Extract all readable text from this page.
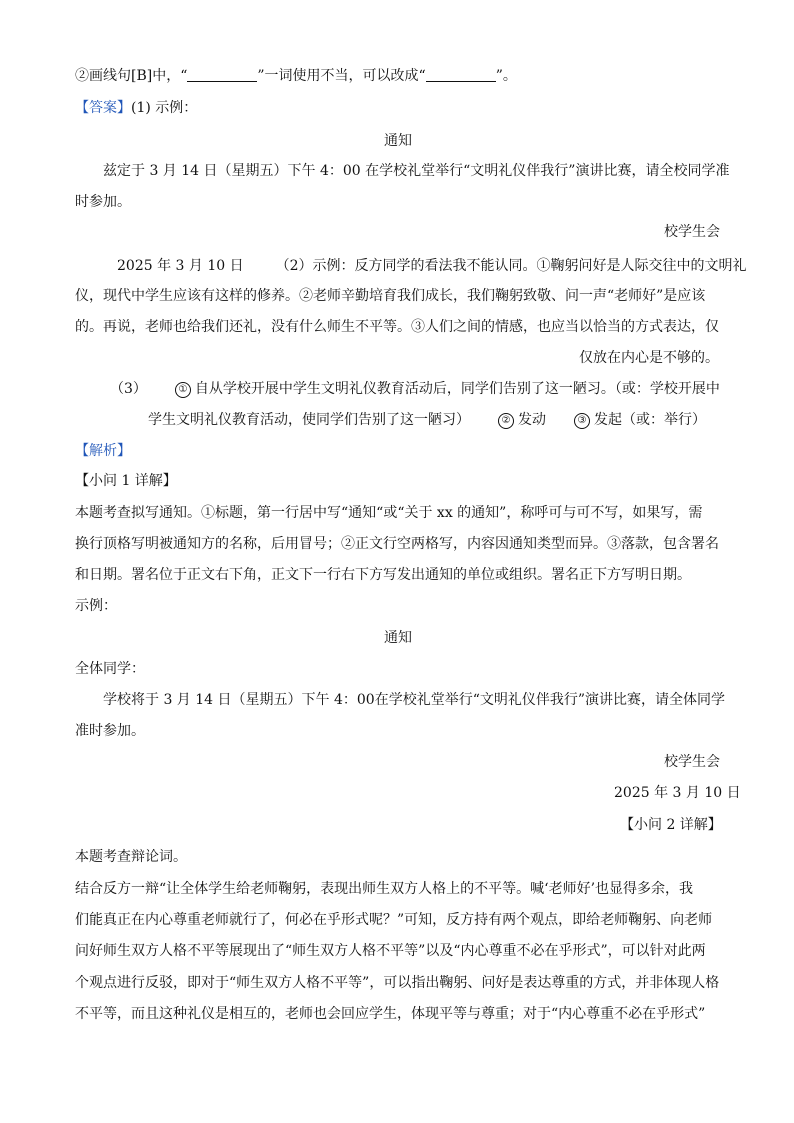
②画线句[B]中，“	”一词使用不当，可以改成“	”。
【答案】(1) 示例：
通知
兹定于 3 月 14 日（星期五）下午 4：00 在学校礼堂举行“文明礼仪伴我行”演讲比赛，请全校同学准
时参加。
校学生会
2025 年 3 月 10 日 （2）示例：反方同学的看法我不能认同。①鞠躬问好是人际交往中的文明礼
仪，现代中学生应该有这样的修养。②老师辛勤培育我们成长，我们鞠躬致敬、问一声“老师好”是应该
的。再说，老师也给我们还礼，没有什么师生不平等。③人们之间的情感，也应当以恰当的方式表达，仅
仅放在内心是不够的。
（3）	① 自从学校开展中学生文明礼仪教育活动后，同学们告别了这一陋习。（或：学校开展中
学生文明礼仪教育活动，使同学们告别了这一陋习）	② 发动	③ 发起（或：举行）
【解析】
【小问 1 详解】
本题考查拟写通知。①标题，第一行居中写“通知“或“关于 xx 的通知”，称呼可与可不写，如果写，需
换行顶格写明被通知方的名称，后用冒号；②正文行空两格写，内容因通知类型而异。③落款，包含署名
和日期。署名位于正文右下角，正文下一行右下方写发出通知的单位或组织。署名正下方写明日期。
示例：
通知
全体同学：
学校将于 3 月 14 日（星期五）下午 4：00在学校礼堂举行“文明礼仪伴我行”演讲比赛，请全体同学
准时参加。
校学生会
2025 年 3 月 10 日
【小问 2 详解】
本题考查辩论词。
结合反方一辩“让全体学生给老师鞠躬，表现出师生双方人格上的不平等。喊‘老师好’也显得多余，我
们能真正在内心尊重老师就行了，何必在乎形式呢？”可知，反方持有两个观点，即给老师鞠躬、向老师
问好师生双方人格不平等展现出了“师生双方人格不平等”以及“内心尊重不必在乎形式”，可以针对此两
个观点进行反驳，即对于“师生双方人格不平等”，可以指出鞠躬、问好是表达尊重的方式，并非体现人格
不平等，而且这种礼仪是相互的，老师也会回应学生，体现平等与尊重；对于“内心尊重不必在乎形式”
